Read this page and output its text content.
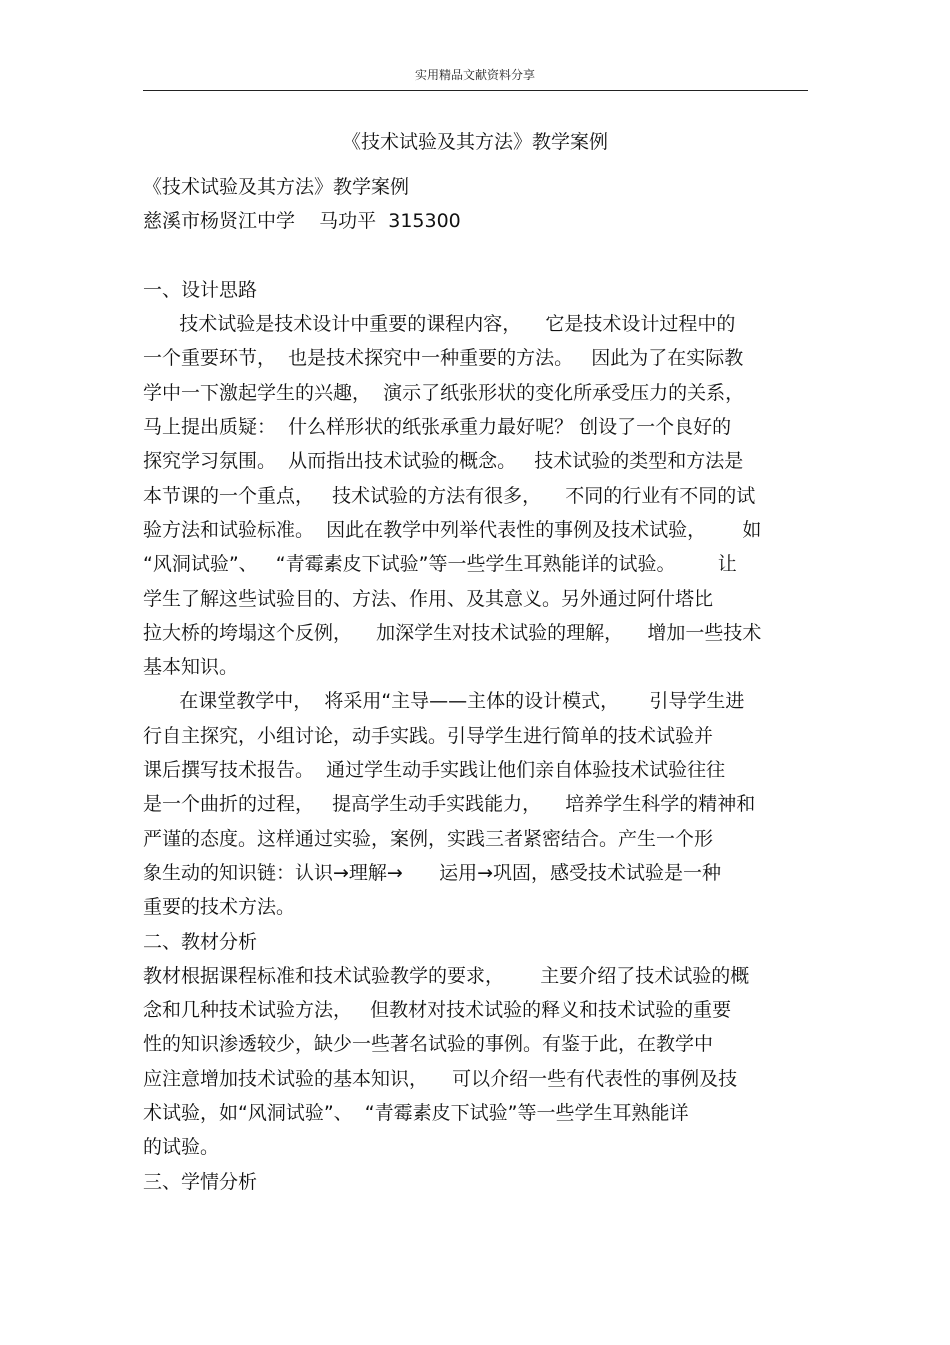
实用精品文献资料分享
《技术试验及其方法》教学案例
《技术试验及其方法》教学案例
慈溪市杨贤江中学    马功平  315300
一、设计思路
技术试验是技术设计中重要的课程内容，    它是技术设计过程中的
一个重要环节，  也是技术探究中一种重要的方法。   因此为了在实际教
学中一下激起学生的兴趣，  演示了纸张形状的变化所承受压力的关系，
马上提出质疑：  什么样形状的纸张承重力最好呢？ 创设了一个良好的
探究学习氛围。  从而指出技术试验的概念。   技术试验的类型和方法是
本节课的一个重点，   技术试验的方法有很多，    不同的行业有不同的试
验方法和试验标准。  因此在教学中列举代表性的事例及技术试验，      如
“风洞试验”、   “青霉素皮下试验”等一些学生耳熟能详的试验。       让
学生了解这些试验目的、方法、作用、及其意义。另外通过阿什塔比
拉大桥的垮塌这个反例，    加深学生对技术试验的理解，    增加一些技术
基本知识。
在课堂教学中，  将采用“主导——主体的设计模式，     引导学生进
行自主探究，小组讨论，动手实践。引导学生进行简单的技术试验并
课后撰写技术报告。  通过学生动手实践让他们亲自体验技术试验往往
是一个曲折的过程，   提高学生动手实践能力，    培养学生科学的精神和
严谨的态度。这样通过实验，案例，实践三者紧密结合。产生一个形
象生动的知识链：认识→理解→      运用→巩固，感受技术试验是一种
重要的技术方法。
二、教材分析
教材根据课程标准和技术试验教学的要求，      主要介绍了技术试验的概
念和几种技术试验方法，   但教材对技术试验的释义和技术试验的重要
性的知识渗透较少，缺少一些著名试验的事例。有鉴于此，在教学中
应注意增加技术试验的基本知识，    可以介绍一些有代表性的事例及技
术试验，如“风洞试验”、  “青霉素皮下试验”等一些学生耳熟能详
的试验。
三、学情分析
